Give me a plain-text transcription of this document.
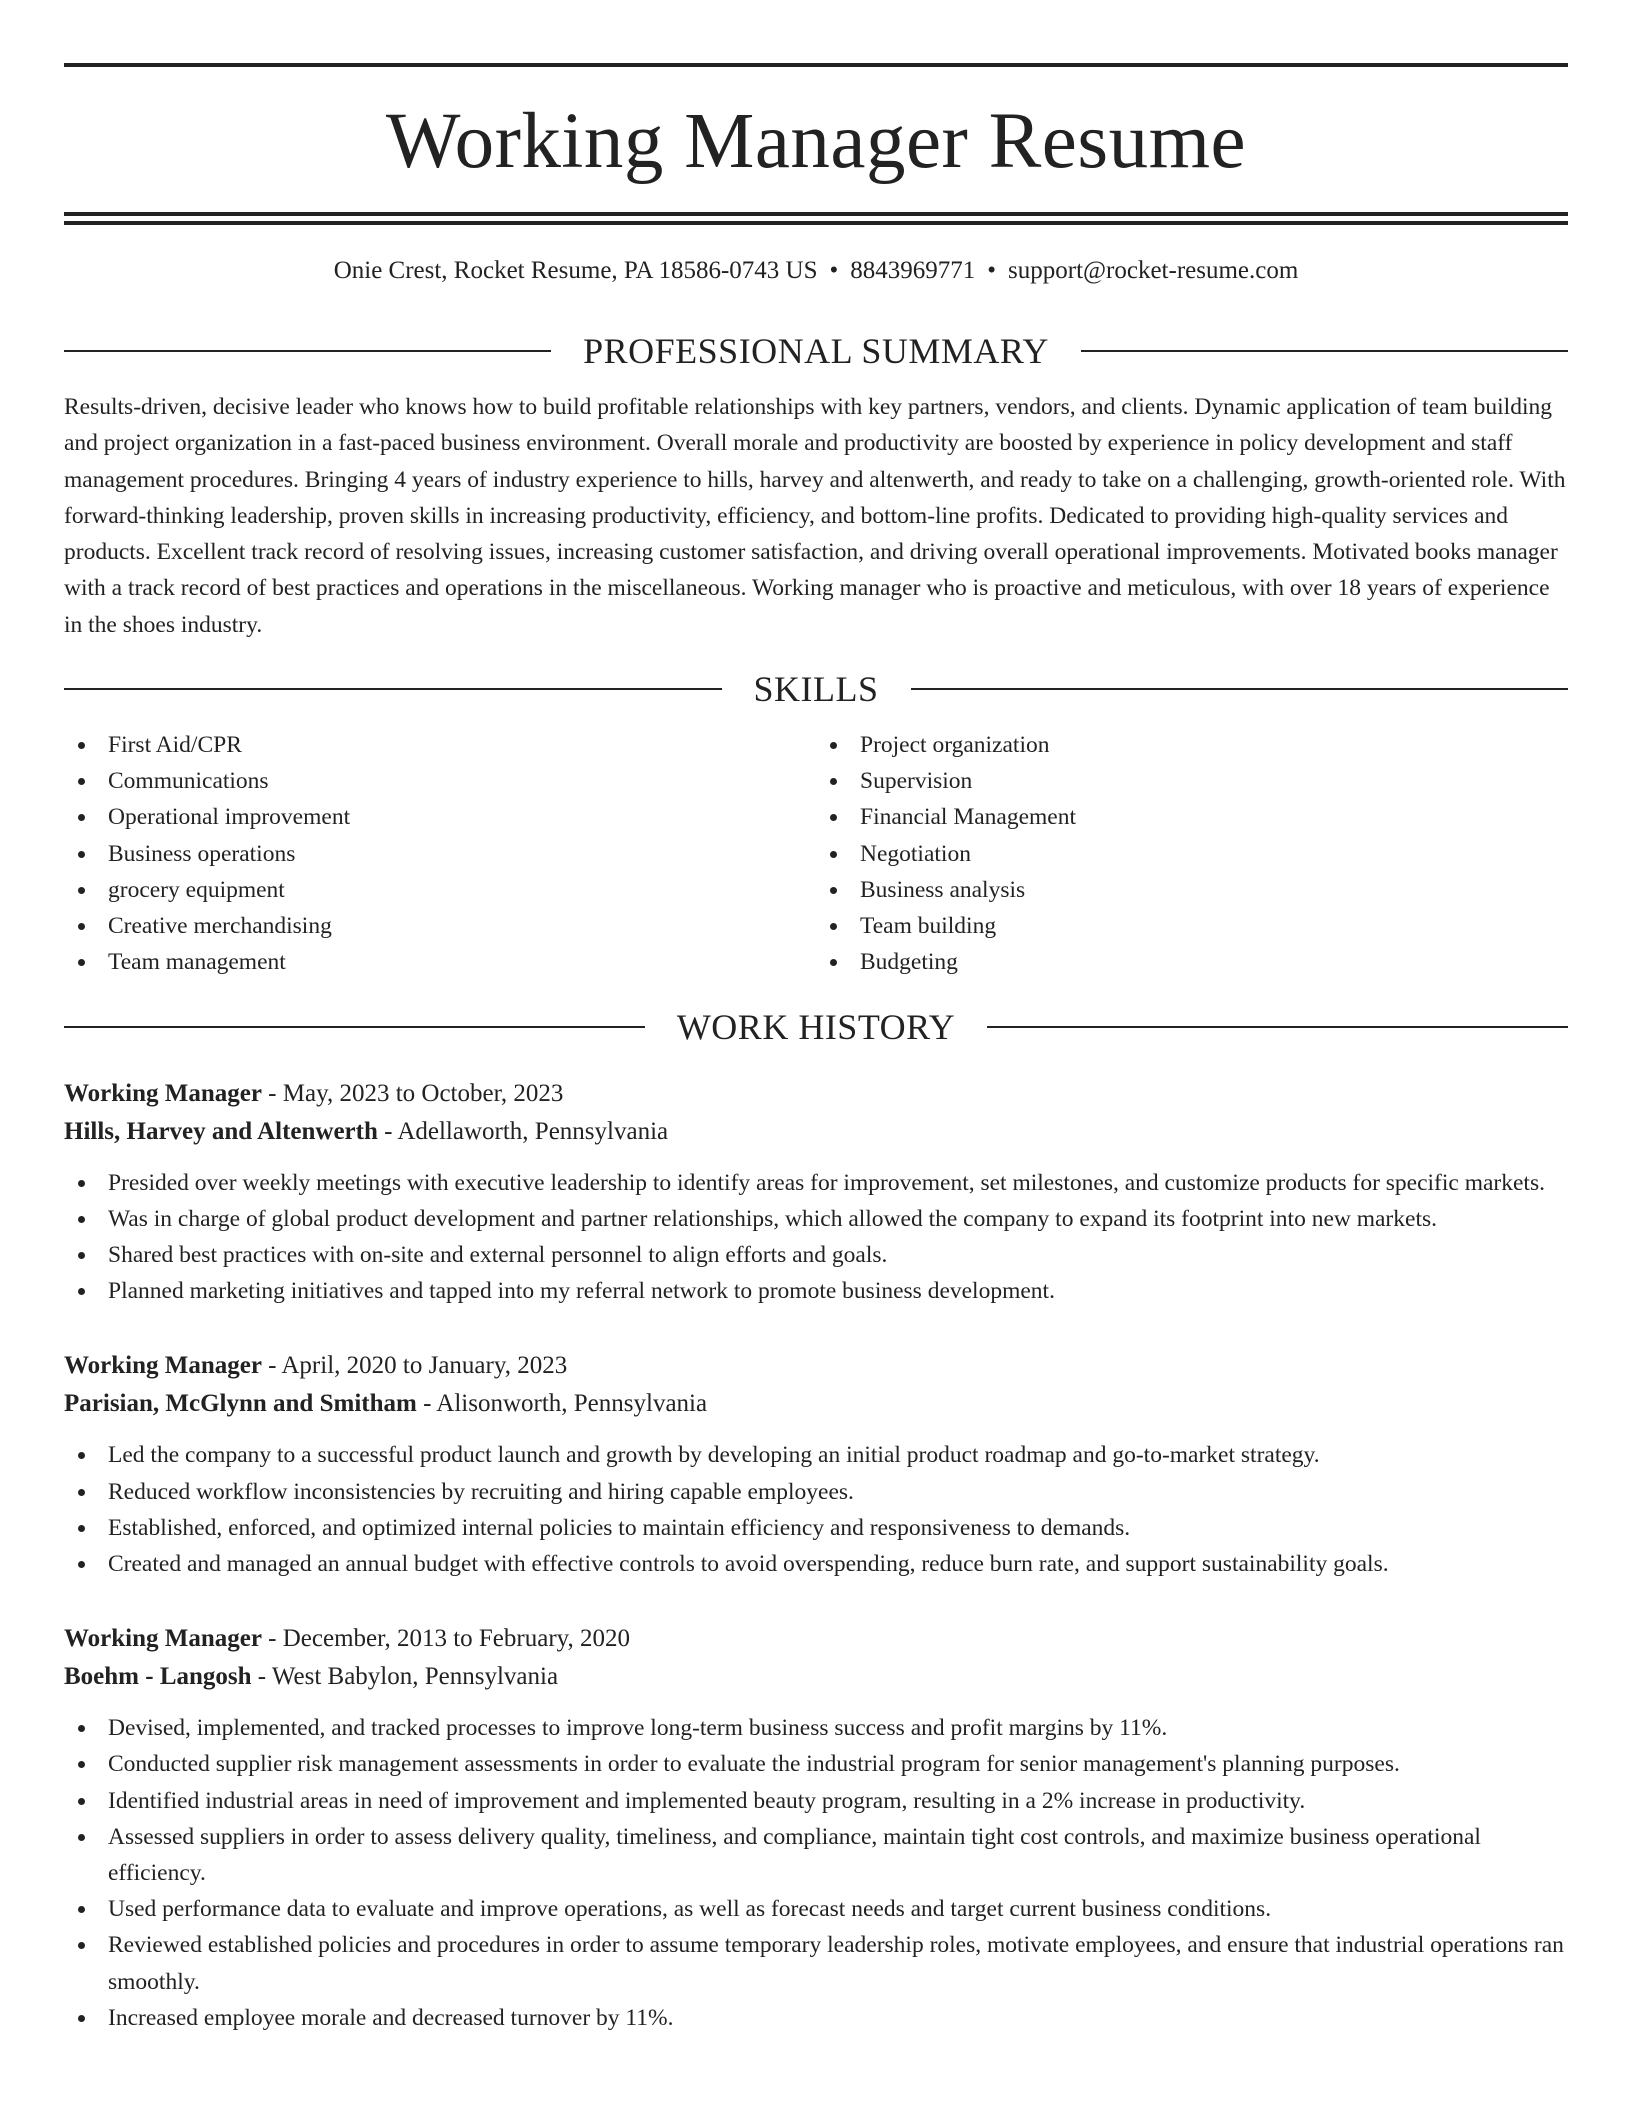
Working Manager Resume
Onie Crest, Rocket Resume, PA 18586-0743 US • 8843969771 • support@rocket-resume.com
PROFESSIONAL SUMMARY

Results-driven, decisive leader who knows how to build profitable relationships with key partners, vendors, and clients. Dynamic application of team building and project organization in a fast-paced business environment. Overall morale and productivity are boosted by experience in policy development and staff management procedures. Bringing 4 years of industry experience to hills, harvey and altenwerth, and ready to take on a challenging, growth-oriented role. With forward-thinking leadership, proven skills in increasing productivity, efficiency, and bottom-line profits. Dedicated to providing high-quality services and products. Excellent track record of resolving issues, increasing customer satisfaction, and driving overall operational improvements. Motivated books manager with a track record of best practices and operations in the miscellaneous. Working manager who is proactive and meticulous, with over 18 years of experience in the shoes industry.

SKILLS
First Aid/CPR
Communications
Operational improvement
Business operations
grocery equipment
Creative merchandising
Team management
Project organization
Supervision
Financial Management
Negotiation
Business analysis
Team building
Budgeting
WORK HISTORY
Working Manager - May, 2023 to October, 2023
Hills, Harvey and Altenwerth - Adellaworth, Pennsylvania
Presided over weekly meetings with executive leadership to identify areas for improvement, set milestones, and customize products for specific markets.
Was in charge of global product development and partner relationships, which allowed the company to expand its footprint into new markets.
Shared best practices with on-site and external personnel to align efforts and goals.
Planned marketing initiatives and tapped into my referral network to promote business development.
Working Manager - April, 2020 to January, 2023
Parisian, McGlynn and Smitham - Alisonworth, Pennsylvania
Led the company to a successful product launch and growth by developing an initial product roadmap and go-to-market strategy.
Reduced workflow inconsistencies by recruiting and hiring capable employees.
Established, enforced, and optimized internal policies to maintain efficiency and responsiveness to demands.
Created and managed an annual budget with effective controls to avoid overspending, reduce burn rate, and support sustainability goals.
Working Manager - December, 2013 to February, 2020
Boehm - Langosh - West Babylon, Pennsylvania
Devised, implemented, and tracked processes to improve long-term business success and profit margins by 11%.
Conducted supplier risk management assessments in order to evaluate the industrial program for senior management's planning purposes.
Identified industrial areas in need of improvement and implemented beauty program, resulting in a 2% increase in productivity.
Assessed suppliers in order to assess delivery quality, timeliness, and compliance, maintain tight cost controls, and maximize business operational efficiency.
Used performance data to evaluate and improve operations, as well as forecast needs and target current business conditions.
Reviewed established policies and procedures in order to assume temporary leadership roles, motivate employees, and ensure that industrial operations ran smoothly.
Increased employee morale and decreased turnover by 11%.
